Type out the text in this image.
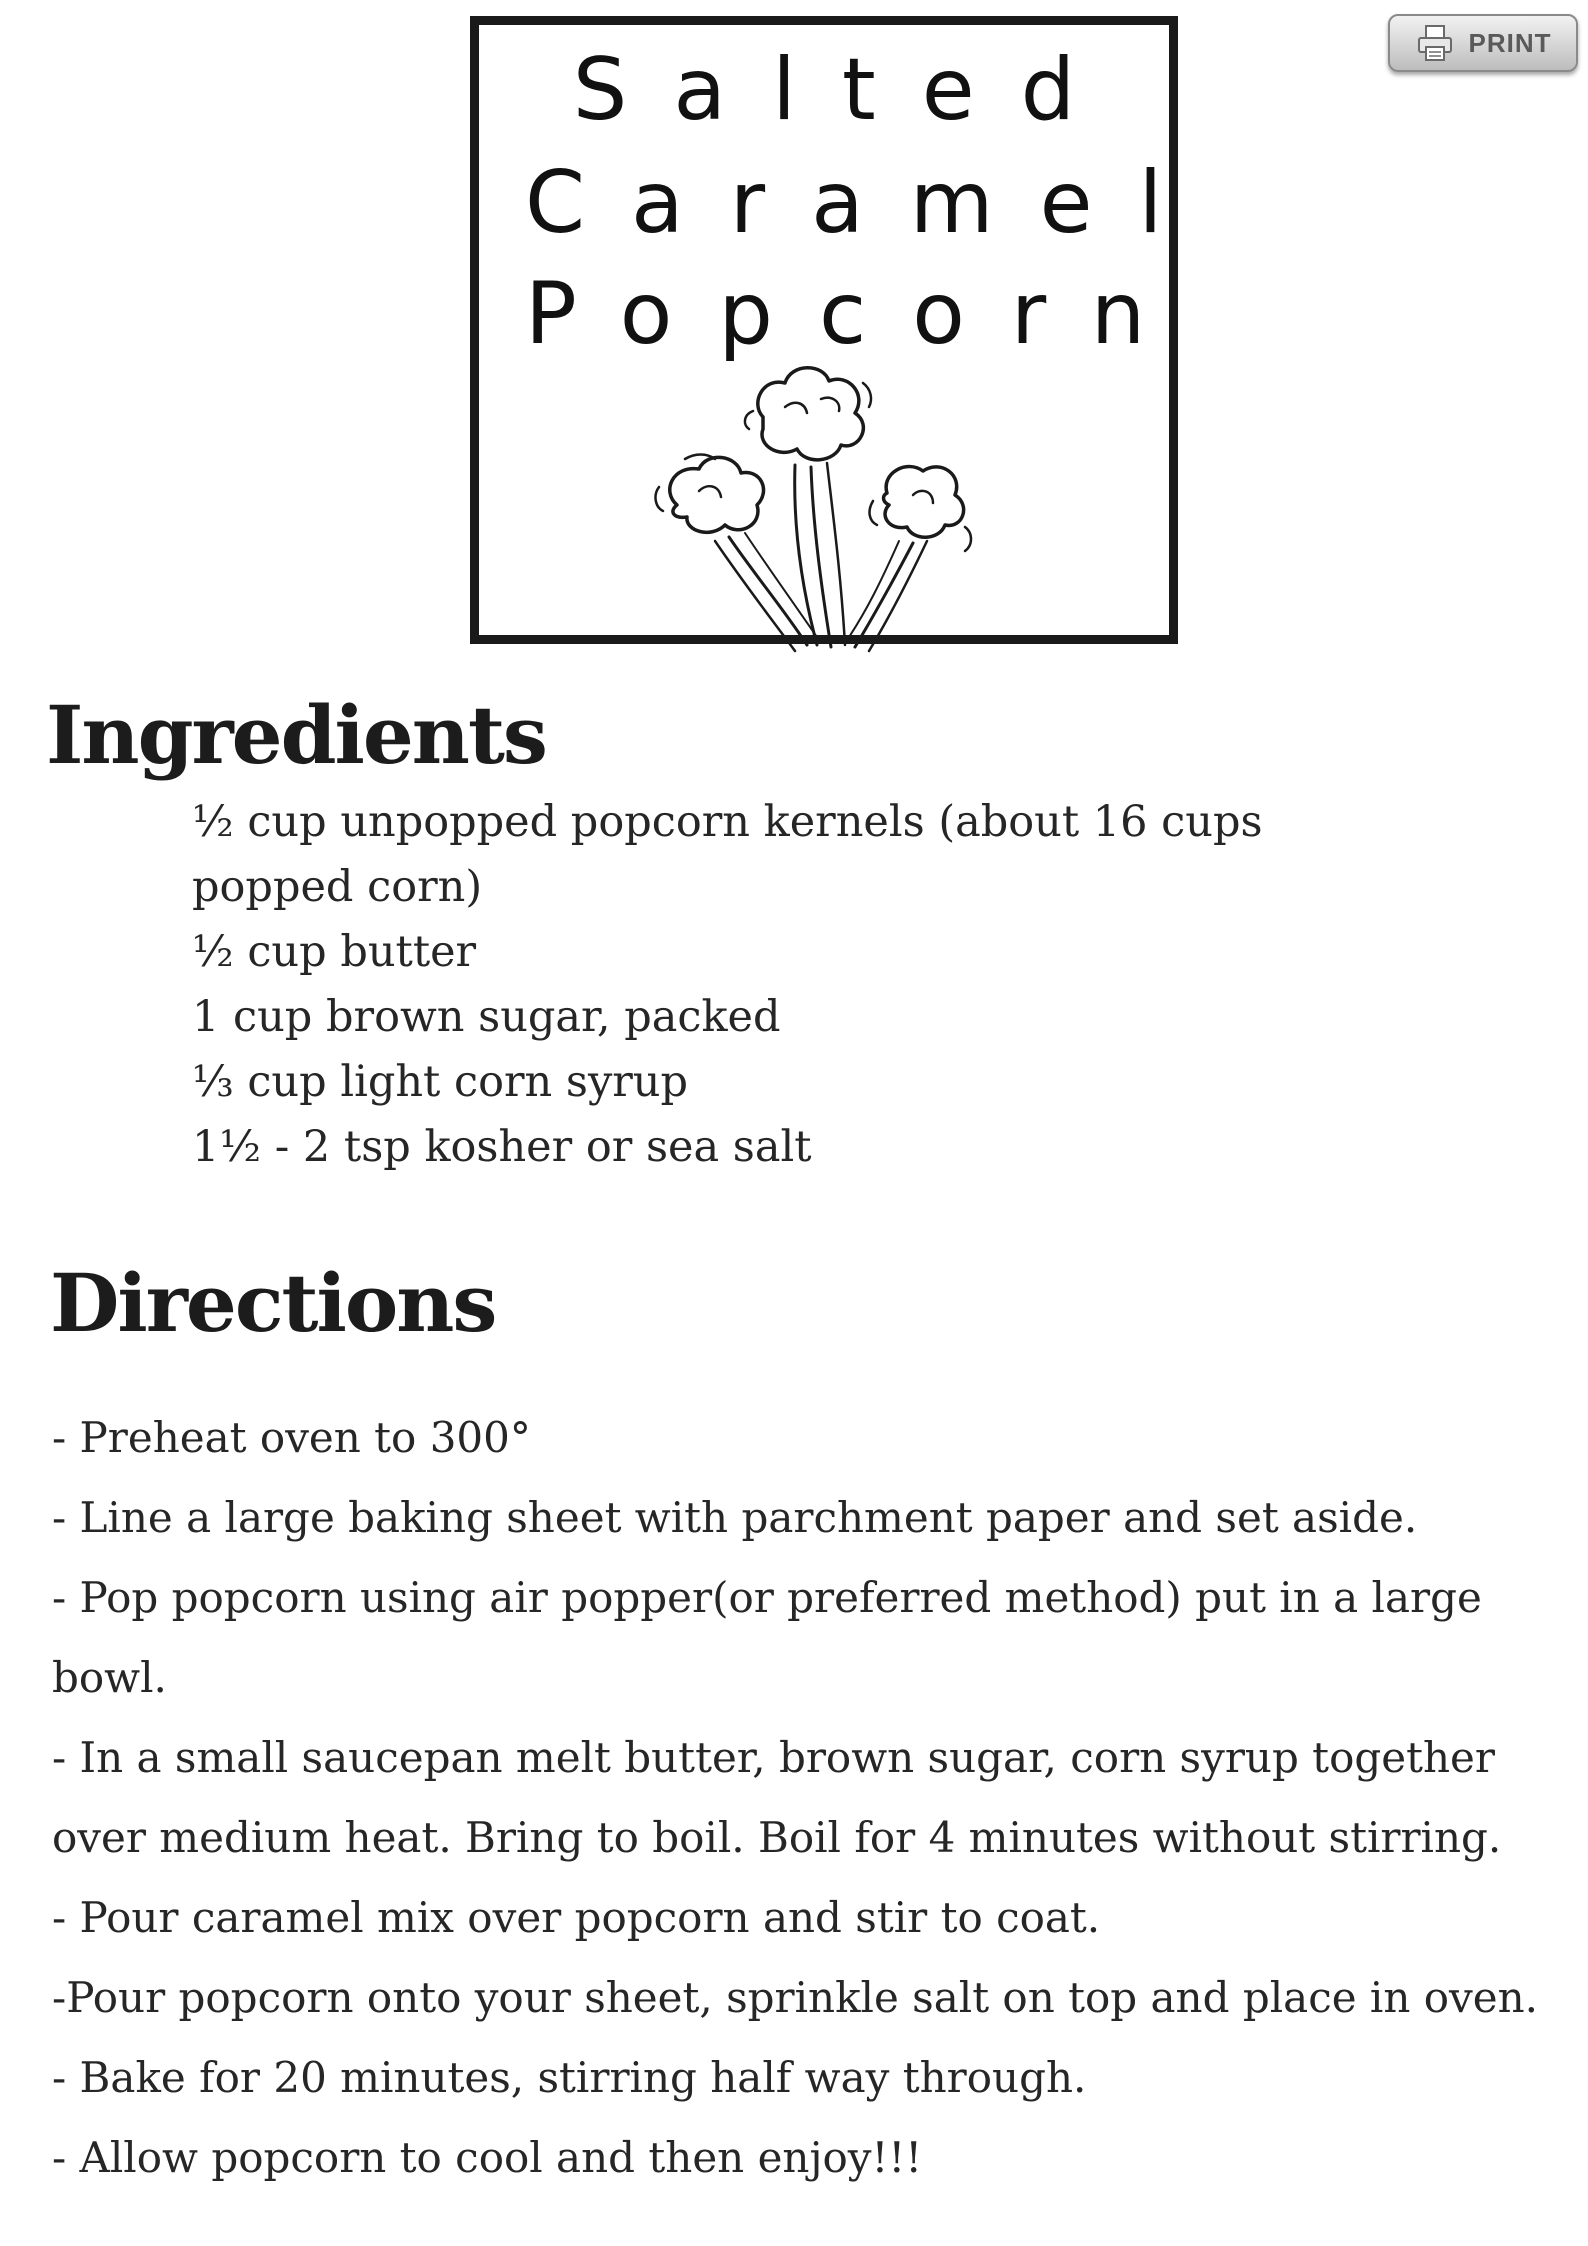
PRINT
Salted
Caramel
Popcorn
Ingredients
½ cup unpopped popcorn kernels (about 16 cups popped corn)
½ cup butter
1 cup brown sugar, packed
⅓ cup light corn syrup
1½ - 2 tsp kosher or sea salt
Directions
- Preheat oven to 300°
- Line a large baking sheet with parchment paper and set aside.
- Pop popcorn using air popper(or preferred method) put in a large bowl.
- In a small saucepan melt butter, brown sugar, corn syrup together over medium heat. Bring to boil. Boil for 4 minutes without stirring.
- Pour caramel mix over popcorn and stir to coat.
-Pour popcorn onto your sheet, sprinkle salt on top and place in oven.
- Bake for 20 minutes, stirring half way through.
- Allow popcorn to cool and then enjoy!!!
